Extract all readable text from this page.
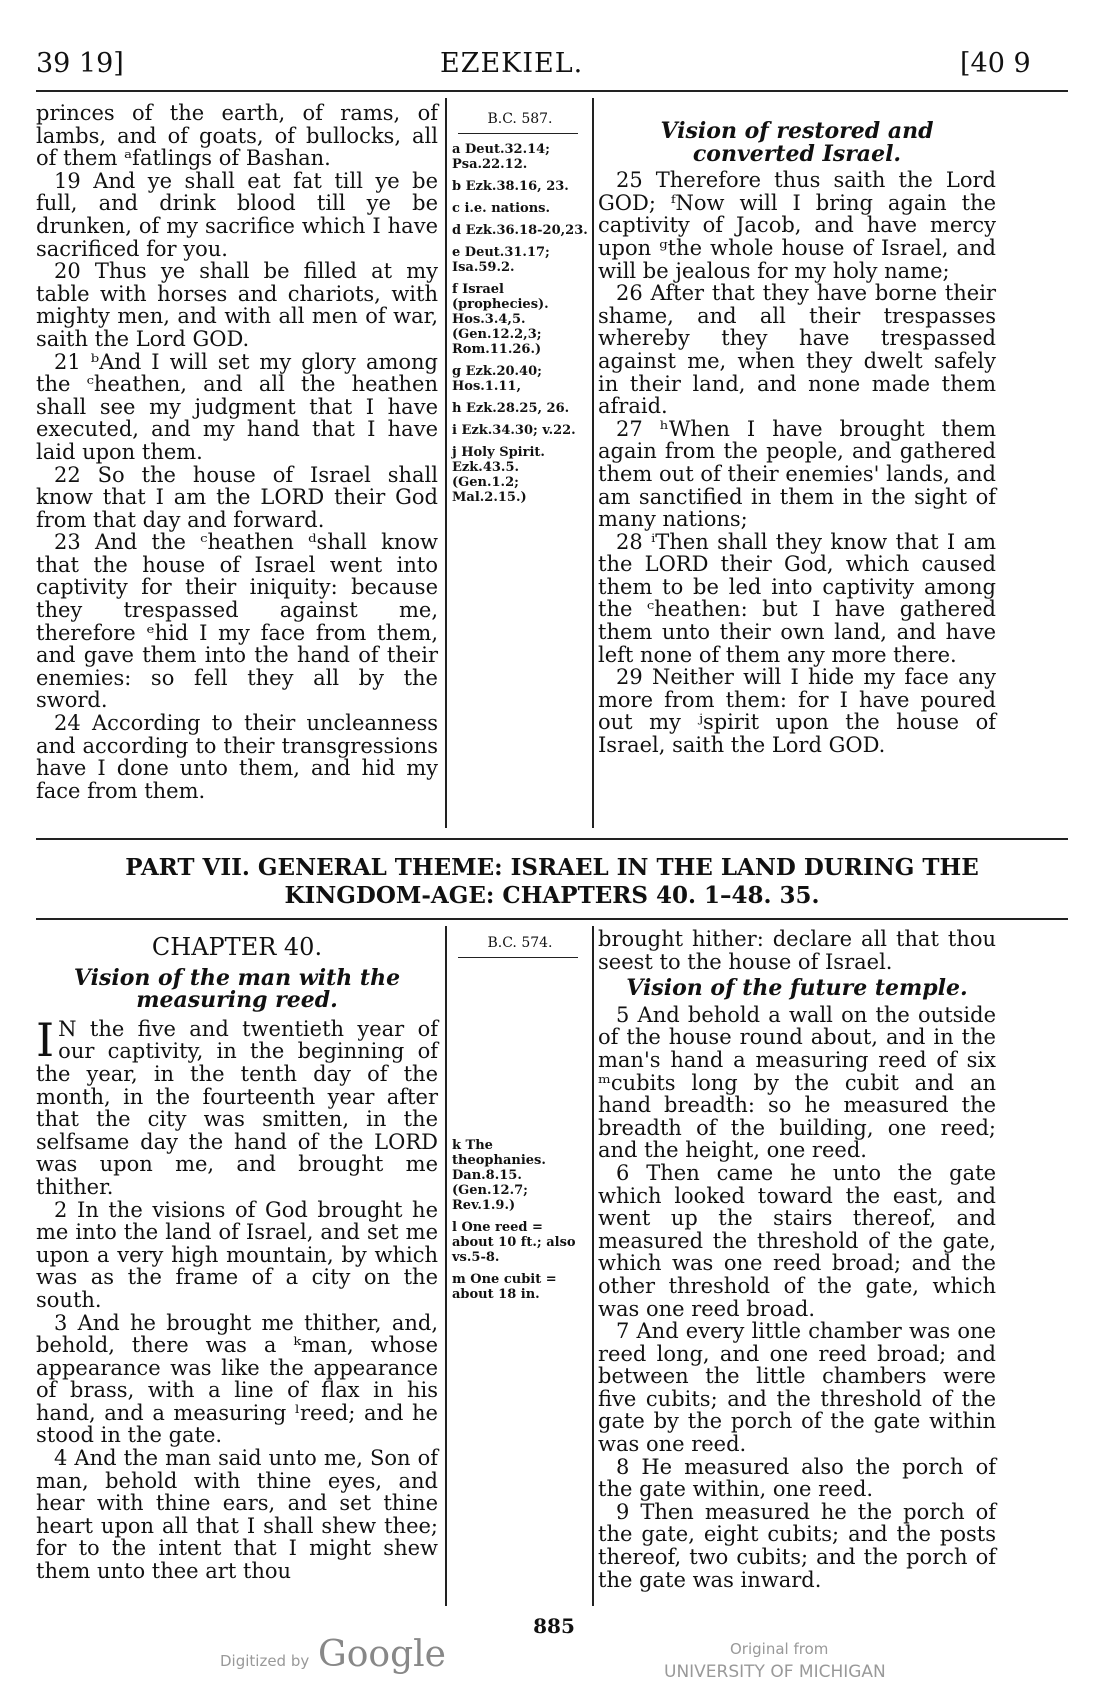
39 19]	EZEKIEL.	[40 9

princes of the earth, of rams, of lambs, and of goats, of bullocks, all of them ᵃfatlings of Bashan.

19 And ye shall eat fat till ye be full, and drink blood till ye be drunken, of my sacrifice which I have sacrificed for you.

20 Thus ye shall be filled at my table with horses and chariots, with mighty men, and with all men of war, saith the Lord GOD.

21 ᵇAnd I will set my glory among the ᶜheathen, and all the heathen shall see my judgment that I have executed, and my hand that I have laid upon them.

22 So the house of Israel shall know that I am the LORD their God from that day and forward.

23 And the ᶜheathen ᵈshall know that the house of Israel went into captivity for their iniquity: because they trespassed against me, therefore ᵉhid I my face from them, and gave them into the hand of their enemies: so fell they all by the sword.

24 According to their uncleanness and according to their transgressions have I done unto them, and hid my face from them.

B.C. 587.

a Deut.32.14; Psa.22.12.

b Ezk.38.16, 23.

c i.e. nations.

d Ezk.36.18-20,23.

e Deut.31.17; Isa.59.2.

f Israel (prophecies). Hos.3.4,5. (Gen.12.2,3; Rom.11.26.)

g Ezk.20.40; Hos.1.11,

h Ezk.28.25, 26.

i Ezk.34.30; v.22.

j Holy Spirit. Ezk.43.5. (Gen.1.2; Mal.2.15.)

Vision of restored and converted Israel.

25 Therefore thus saith the Lord GOD; ᶠNow will I bring again the captivity of Jacob, and have mercy upon ᵍthe whole house of Israel, and will be jealous for my holy name;

26 After that they have borne their shame, and all their trespasses whereby they have trespassed against me, when they dwelt safely in their land, and none made them afraid.

27 ʰWhen I have brought them again from the people, and gathered them out of their enemies' lands, and am sanctified in them in the sight of many nations;

28 ⁱThen shall they know that I am the LORD their God, which caused them to be led into captivity among the ᶜheathen: but I have gathered them unto their own land, and have left none of them any more there.

29 Neither will I hide my face any more from them: for I have poured out my ʲspirit upon the house of Israel, saith the Lord GOD.

PART VII. GENERAL THEME: ISRAEL IN THE LAND DURING THE
KINGDOM-AGE: CHAPTERS 40. 1–48. 35.

CHAPTER 40.

Vision of the man with the measuring reed.

I N the five and twentieth year of our captivity, in the beginning of the year, in the tenth day of the month, in the fourteenth year after that the city was smitten, in the selfsame day the hand of the LORD was upon me, and brought me thither.

2 In the visions of God brought he me into the land of Israel, and set me upon a very high mountain, by which was as the frame of a city on the south.

3 And he brought me thither, and, behold, there was a ᵏman, whose appearance was like the appearance of brass, with a line of flax in his hand, and a measuring ˡreed; and he stood in the gate.

4 And the man said unto me, Son of man, behold with thine eyes, and hear with thine ears, and set thine heart upon all that I shall shew thee; for to the intent that I might shew them unto thee art thou

B.C. 574.

k The theophanies. Dan.8.15. (Gen.12.7; Rev.1.9.)

l One reed = about 10 ft.; also vs.5-8.

m One cubit = about 18 in.

brought hither: declare all that thou seest to the house of Israel.

Vision of the future temple.

5 And behold a wall on the outside of the house round about, and in the man's hand a measuring reed of six ᵐcubits long by the cubit and an hand breadth: so he measured the breadth of the building, one reed; and the height, one reed.

6 Then came he unto the gate which looked toward the east, and went up the stairs thereof, and measured the threshold of the gate, which was one reed broad; and the other threshold of the gate, which was one reed broad.

7 And every little chamber was one reed long, and one reed broad; and between the little chambers were five cubits; and the threshold of the gate by the porch of the gate within was one reed.

8 He measured also the porch of the gate within, one reed.

9 Then measured he the porch of the gate, eight cubits; and the posts thereof, two cubits; and the porch of the gate was inward.

885
Digitized by Google	Original from
UNIVERSITY OF MICHIGAN
